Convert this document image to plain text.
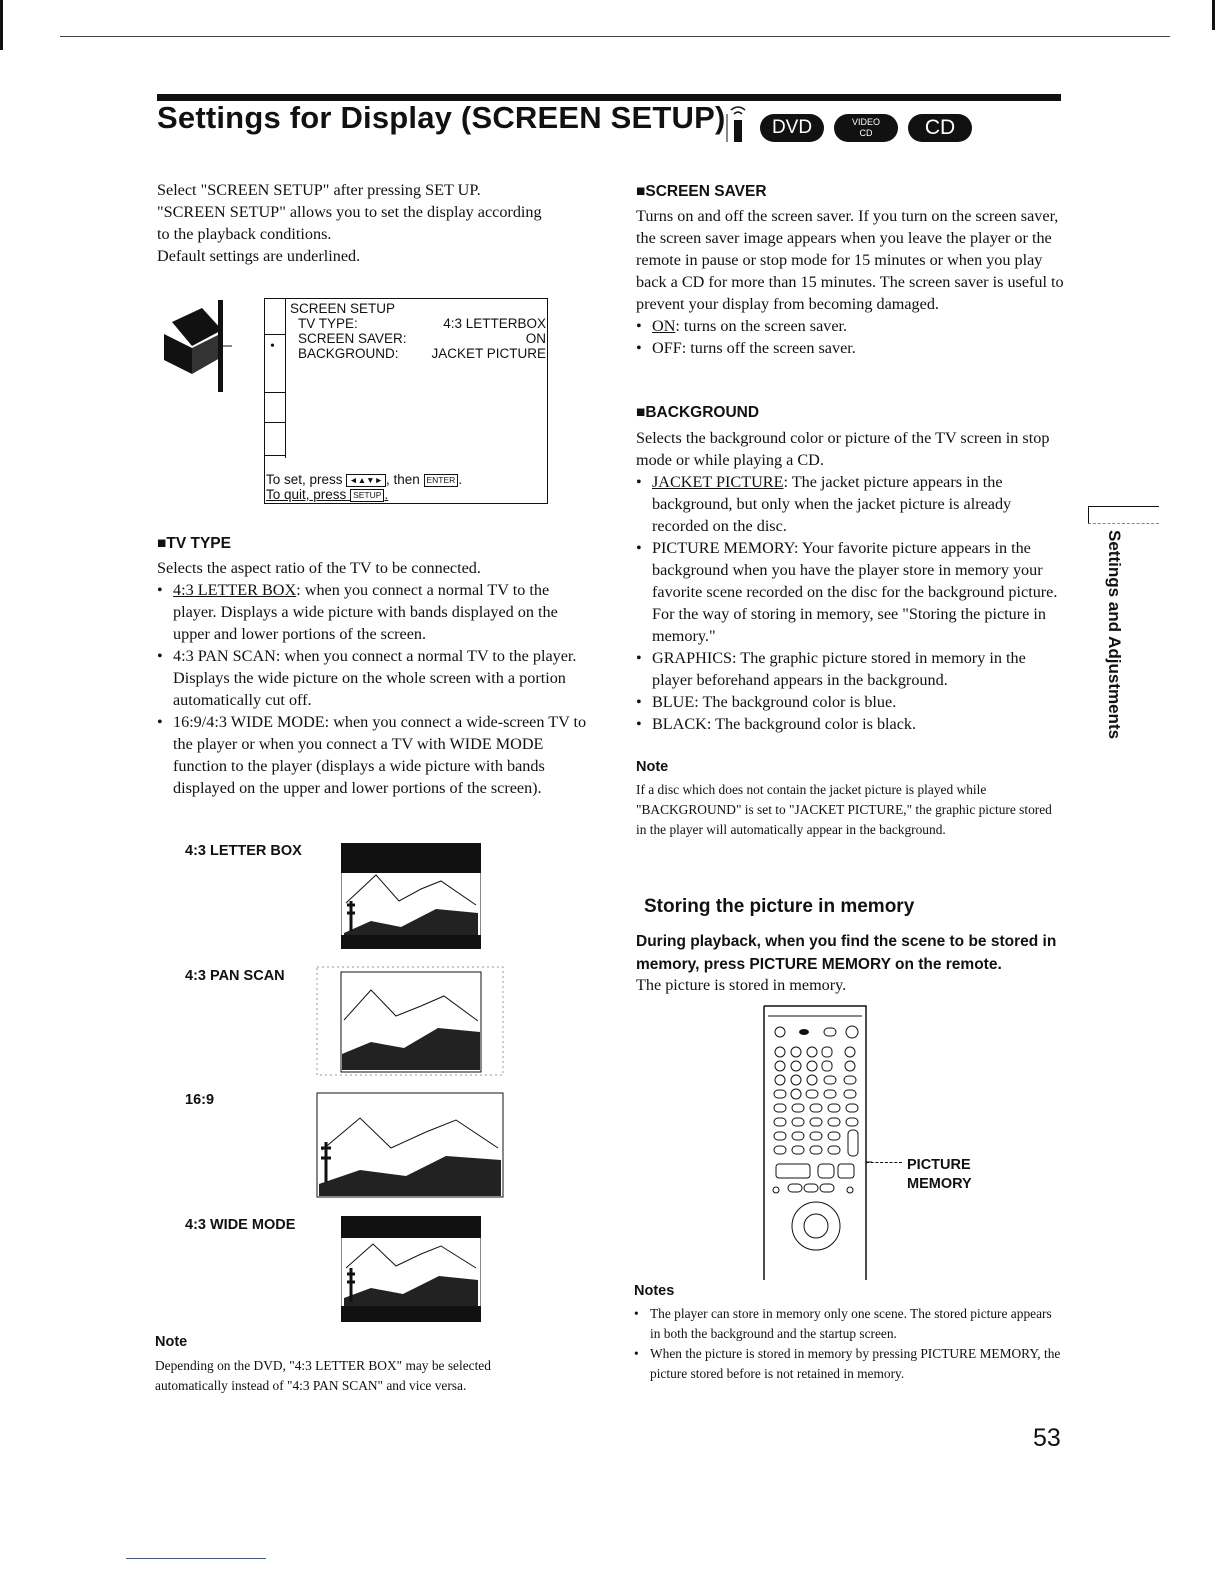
Settings for Display (SCREEN SETUP)	DVD	VIDEO
CD	CD
Select "SCREEN SETUP" after pressing SET UP.
"SCREEN SETUP" allows you to set the display according
to the playback conditions.
Default settings are underlined.
•
SCREEN SETUP
TV TYPE:	4:3 LETTERBOX
SCREEN SAVER:	ON
BACKGROUND: JACKET PICTURE
To set, press ◄▲▼► , then ENTER .
To quit, press SETUP .
■TV TYPE
Selects the aspect ratio of the TV to be connected.
• 4:3 LETTER BOX: when you connect a normal TV to the player. Displays a wide picture with bands displayed on the upper and lower portions of the screen.
• 4:3 PAN SCAN: when you connect a normal TV to the player. Displays the wide picture on the whole screen with a portion automatically cut off.
• 16:9/4:3 WIDE MODE: when you connect a wide-screen TV to the player or when you connect a TV with WIDE MODE function to the player (displays a wide picture with bands displayed on the upper and lower portions of the screen).
4:3 LETTER BOX
4:3 PAN SCAN
16:9
4:3 WIDE MODE
Note
Depending on the DVD, "4:3 LETTER BOX" may be selected automatically instead of "4:3 PAN SCAN" and vice versa.
■SCREEN SAVER
Turns on and off the screen saver. If you turn on the screen saver, the screen saver image appears when you leave the player or the remote in pause or stop mode for 15 minutes or when you play back a CD for more than 15 minutes. The screen saver is useful to prevent your display from becoming damaged.
• ON: turns on the screen saver.
• OFF: turns off the screen saver.
■BACKGROUND
Selects the background color or picture of the TV screen in stop mode or while playing a CD.
• JACKET PICTURE: The jacket picture appears in the background, but only when the jacket picture is already recorded on the disc.
• PICTURE MEMORY: Your favorite picture appears in the background when you have the player store in memory your favorite scene recorded on the disc for the background picture. For the way of storing in memory, see "Storing the picture in memory."
• GRAPHICS: The graphic picture stored in memory in the player beforehand appears in the background.
• BLUE: The background color is blue.
• BLACK: The background color is black.
Note
If a disc which does not contain the jacket picture is played while "BACKGROUND" is set to "JACKET PICTURE," the graphic picture stored in the player will automatically appear in the background.
Storing the picture in memory
During playback, when you find the scene to be stored in memory, press PICTURE MEMORY on the remote.
The picture is stored in memory.
PICTURE
MEMORY
Notes
• The player can store in memory only one scene. The stored picture appears in both the background and the startup screen.
• When the picture is stored in memory by pressing PICTURE MEMORY, the picture stored before is not retained in memory.
Settings and Adjustments
53
